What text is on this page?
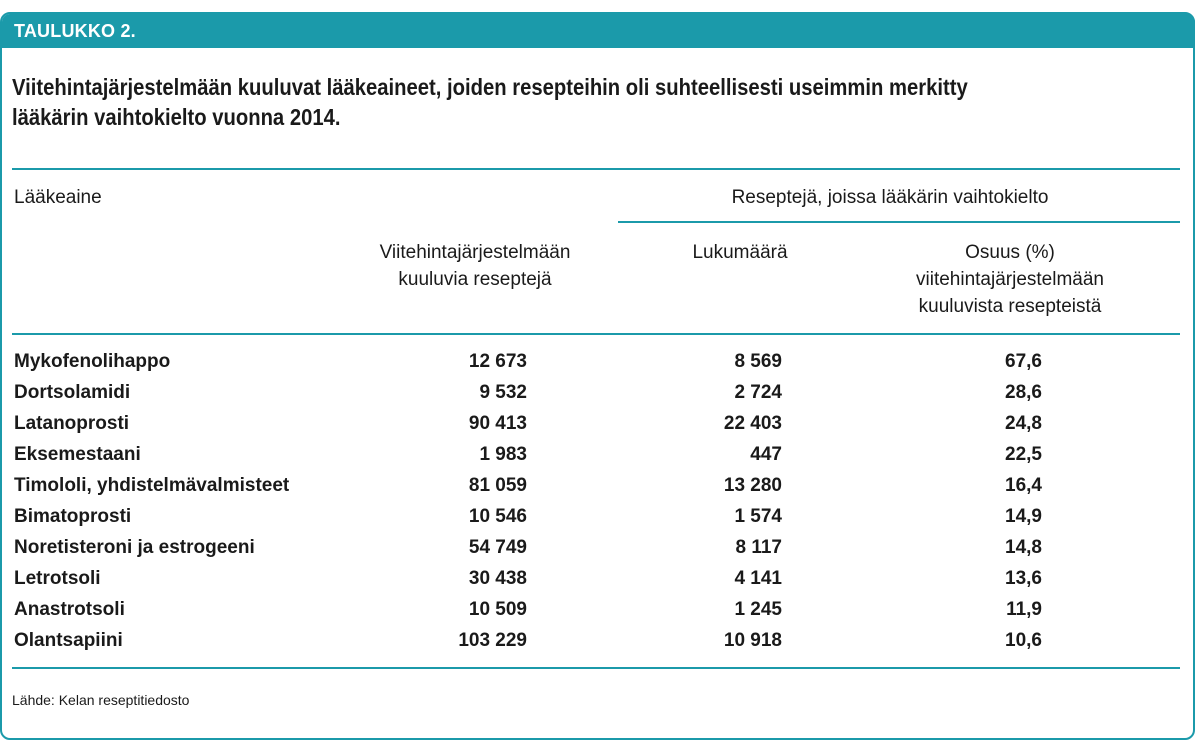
TAULUKKO 2.
Viitehintajärjestelmään kuuluvat lääkeaineet, joiden resepteihin oli suhteellisesti useimmin merkitty
lääkärin vaihtokielto vuonna 2014.
Lääkeaine	Reseptejä, joissa lääkärin vaihtokielto
Viitehintajärjestelmään
kuuluvia reseptejä
Lukumäärä	Osuus (%)
viitehintajärjestelmään
kuuluvista resepteistä
Mykofenolihappo	12 673	8 569	67,6
Dortsolamidi	9 532	2 724	28,6
Latanoprosti	90 413	22 403	24,8
Eksemestaani	1 983	447	22,5
Timololi, yhdistelmävalmisteet	81 059	13 280	16,4
Bimatoprosti	10 546	1 574	14,9
Noretisteroni ja estrogeeni	54 749	8 117	14,8
Letrotsoli	30 438	4 141	13,6
Anastrotsoli	10 509	1 245	11,9
Olantsapiini	103 229	10 918	10,6
Lähde: Kelan reseptitiedosto
